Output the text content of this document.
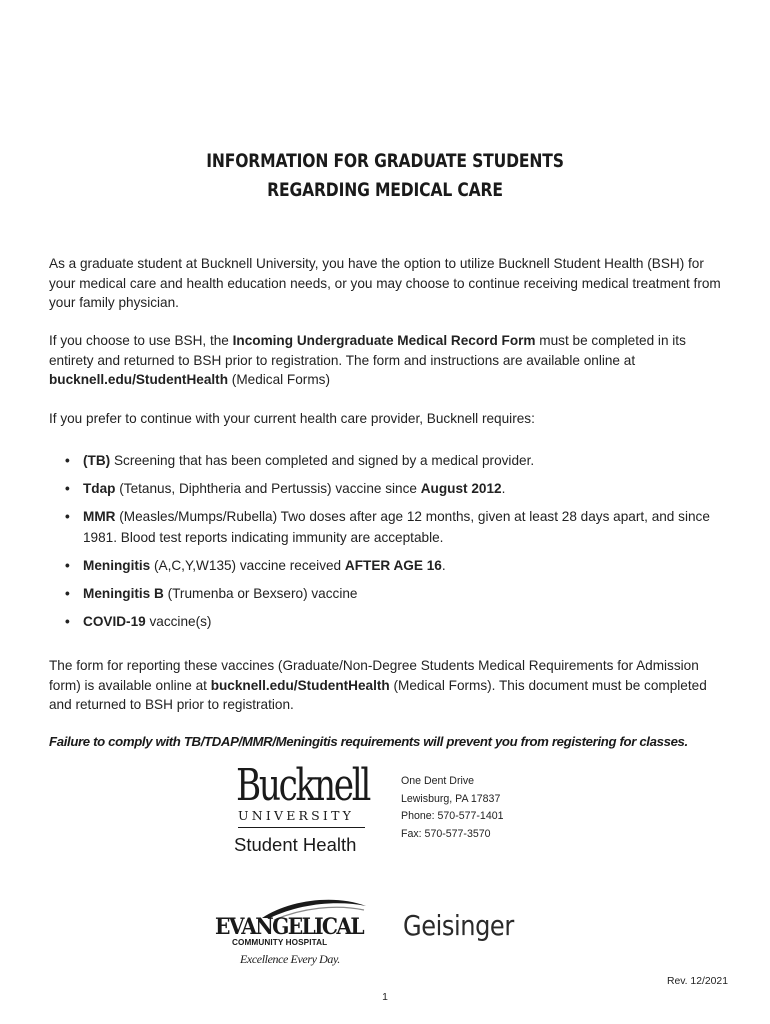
INFORMATION FOR GRADUATE STUDENTS
REGARDING MEDICAL CARE
As a graduate student at Bucknell University, you have the option to utilize Bucknell Student Health (BSH) for your medical care and health education needs, or you may choose to continue receiving medical treatment from your family physician.
If you choose to use BSH, the Incoming Undergraduate Medical Record Form must be completed in its entirety and returned to BSH prior to registration. The form and instructions are available online at bucknell.edu/StudentHealth (Medical Forms)
If you prefer to continue with your current health care provider, Bucknell requires:
• (TB) Screening that has been completed and signed by a medical provider.
• Tdap (Tetanus, Diphtheria and Pertussis) vaccine since August 2012.
• MMR (Measles/Mumps/Rubella) Two doses after age 12 months, given at least 28 days apart, and since 1981. Blood test reports indicating immunity are acceptable.
• Meningitis (A,C,Y,W135) vaccine received AFTER AGE 16.
• Meningitis B (Trumenba or Bexsero) vaccine
• COVID-19 vaccine(s)
The form for reporting these vaccines (Graduate/Non-Degree Students Medical Requirements for Admission form) is available online at bucknell.edu/StudentHealth (Medical Forms). This document must be completed and returned to BSH prior to registration.
Failure to comply with TB/TDAP/MMR/Meningitis requirements will prevent you from registering for classes.
Bucknell
UNIVERSITY
Student Health
One Dent Drive
Lewisburg, PA 17837
Phone: 570-577-1401
Fax: 570-577-3570
EVANGELICAL
COMMUNITY HOSPITAL
Excellence Every Day.
Geisinger
Rev. 12/2021
1
